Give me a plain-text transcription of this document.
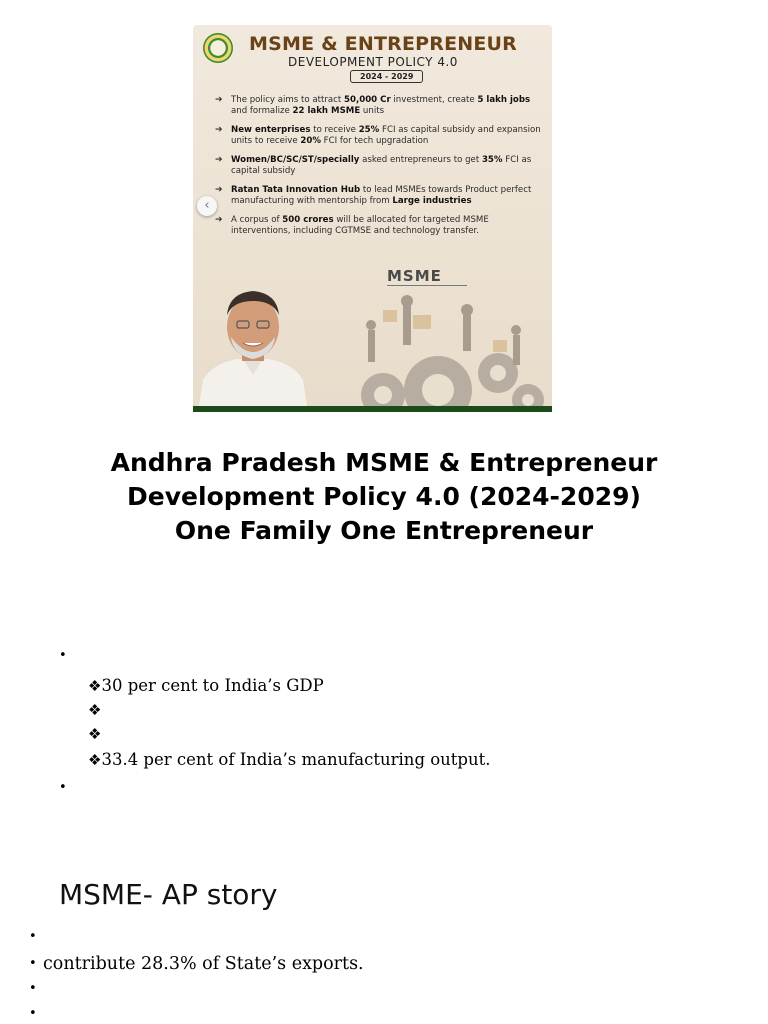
MSME & ENTREPRENEUR
DEVELOPMENT POLICY 4.0
2024 - 2029
➔ The policy aims to attract 50,000 Cr investment, create 5 lakh jobs and formalize 22 lakh MSME units
➔ New enterprises to receive 25% FCI as capital subsidy and expansion units to receive 20% FCI for tech upgradation
➔ Women/BC/SC/ST/specially asked entrepreneurs to get 35% FCI as capital subsidy
➔ Ratan Tata Innovation Hub to lead MSMEs towards Product perfect manufacturing with mentorship from Large industries
➔ A corpus of 500 crores will be allocated for targeted MSME interventions, including CGTMSE and technology transfer.
‹
MSME
Andhra Pradesh MSME & Entrepreneur
Development Policy 4.0 (2024-2029)
One Family One Entrepreneur
•
❖30 per cent to India’s GDP
❖
❖
❖33.4 per cent of India’s manufacturing output.
•
MSME- AP story
•
• contribute 28.3% of State’s exports.
•
•
